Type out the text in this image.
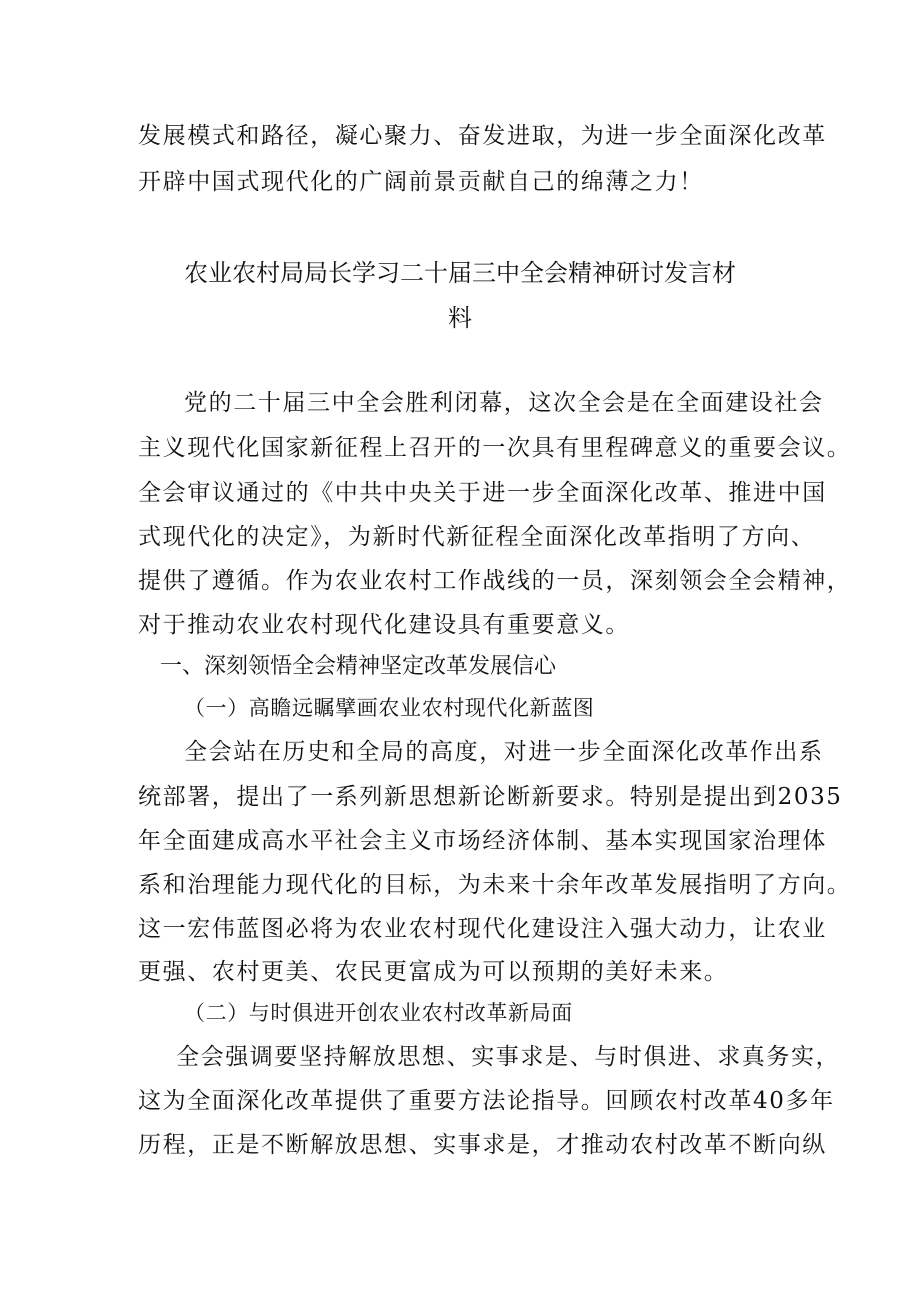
发展模式和路径，凝心聚力、奋发进取，为进一步全面深化改革
开辟中国式现代化的广阔前景贡献自己的绵薄之力！
农业农村局局长学习二十届三中全会精神研讨发言材
料
党的二十届三中全会胜利闭幕，这次全会是在全面建设社会
主义现代化国家新征程上召开的一次具有里程碑意义的重要会议。
全会审议通过的《中共中央关于进一步全面深化改革、推进中国
式现代化的决定》，为新时代新征程全面深化改革指明了方向、
提供了遵循。作为农业农村工作战线的一员，深刻领会全会精神，
对于推动农业农村现代化建设具有重要意义。
一、深刻领悟全会精神坚定改革发展信心
（一）高瞻远瞩擘画农业农村现代化新蓝图
全会站在历史和全局的高度，对进一步全面深化改革作出系
统部署，提出了一系列新思想新论断新要求。特别是提出到2035
年全面建成高水平社会主义市场经济体制、基本实现国家治理体
系和治理能力现代化的目标，为未来十余年改革发展指明了方向。
这一宏伟蓝图必将为农业农村现代化建设注入强大动力，让农业
更强、农村更美、农民更富成为可以预期的美好未来。
（二）与时俱进开创农业农村改革新局面
全会强调要坚持解放思想、实事求是、与时俱进、求真务实，
这为全面深化改革提供了重要方法论指导。回顾农村改革40多年
历程，正是不断解放思想、实事求是，才推动农村改革不断向纵
